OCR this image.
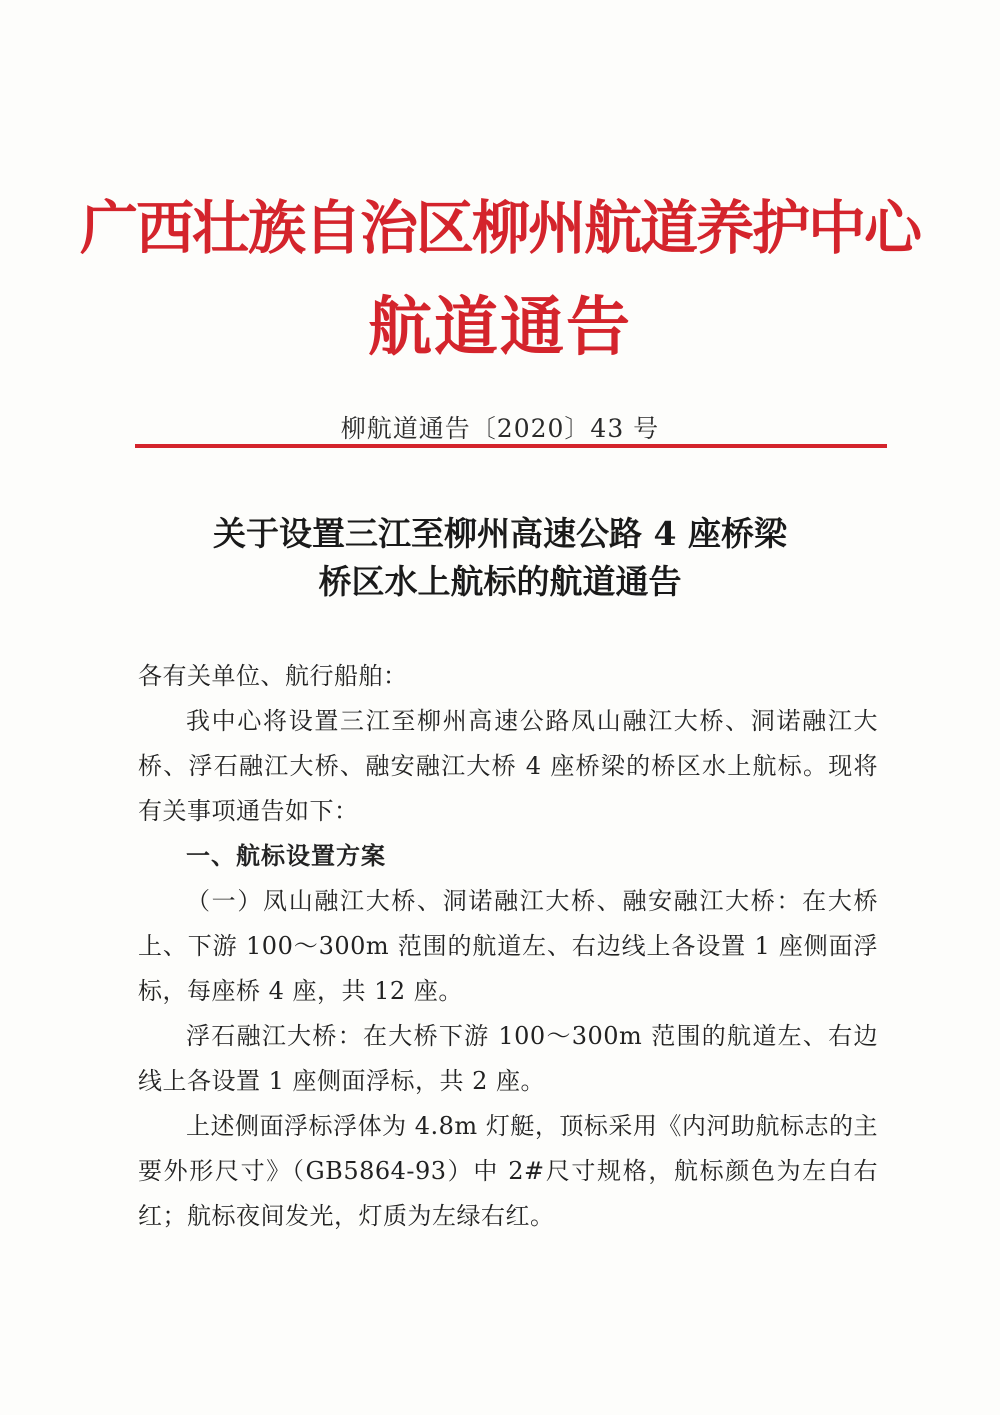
广西壮族自治区柳州航道养护中心
航道通告
柳航道通告〔2020〕43 号
关于设置三江至柳州高速公路 4 座桥梁
桥区水上航标的航道通告

各有关单位、航行船舶：

我中心将设置三江至柳州高速公路凤山融江大桥、洞诺融江大桥、浮石融江大桥、融安融江大桥 4 座桥梁的桥区水上航标。现将有关事项通告如下：

一、航标设置方案

（一）凤山融江大桥、洞诺融江大桥、融安融江大桥：在大桥上、下游 100～300m 范围的航道左、右边线上各设置 1 座侧面浮标，每座桥 4 座，共 12 座。

浮石融江大桥：在大桥下游 100～300m 范围的航道左、右边线上各设置 1 座侧面浮标，共 2 座。

上述侧面浮标浮体为 4.8m 灯艇，顶标采用《内河助航标志的主要外形尺寸》（GB5864-93）中 2#尺寸规格，航标颜色为左白右红；航标夜间发光，灯质为左绿右红。
